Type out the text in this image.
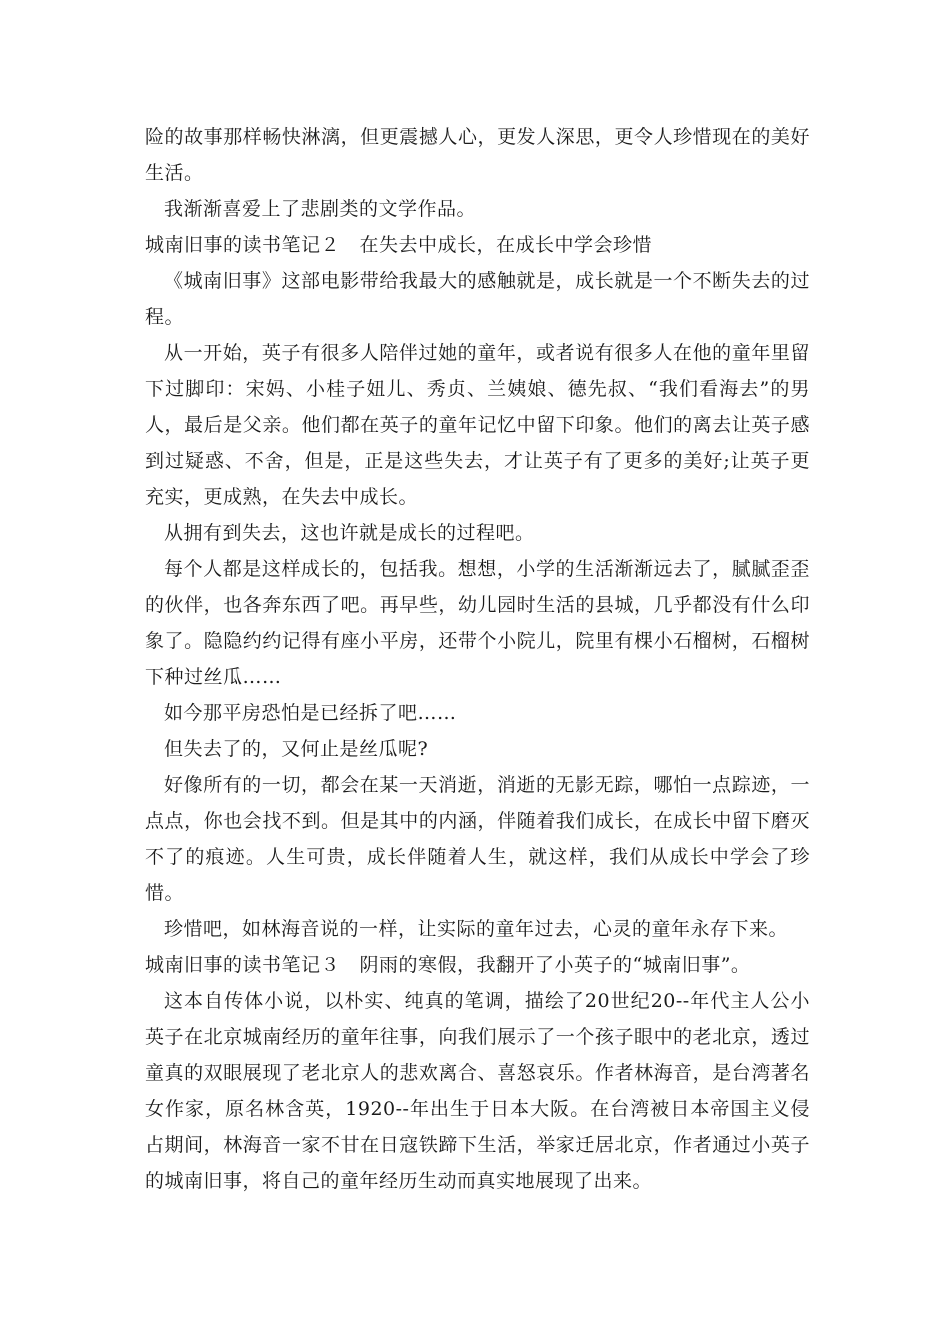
险的故事那样畅快淋漓，但更震撼人心，更发人深思，更令人珍惜现在的美好生活。

我渐渐喜爱上了悲剧类的文学作品。

城南旧事的读书笔记２　在失去中成长，在成长中学会珍惜

《城南旧事》这部电影带给我最大的感触就是，成长就是一个不断失去的过程。

从一开始，英子有很多人陪伴过她的童年，或者说有很多人在他的童年里留下过脚印：宋妈、小桂子妞儿、秀贞、兰姨娘、德先叔、“我们看海去”的男人，最后是父亲。他们都在英子的童年记忆中留下印象。他们的离去让英子感到过疑惑、不舍，但是，正是这些失去，才让英子有了更多的美好;让英子更充实，更成熟，在失去中成长。

从拥有到失去，这也许就是成长的过程吧。

每个人都是这样成长的，包括我。想想，小学的生活渐渐远去了，腻腻歪歪的伙伴，也各奔东西了吧。再早些，幼儿园时生活的县城，几乎都没有什么印象了。隐隐约约记得有座小平房，还带个小院儿，院里有棵小石榴树，石榴树下种过丝瓜……

如今那平房恐怕是已经拆了吧……

但失去了的，又何止是丝瓜呢?

好像所有的一切，都会在某一天消逝，消逝的无影无踪，哪怕一点踪迹，一点点，你也会找不到。但是其中的内涵，伴随着我们成长，在成长中留下磨灭不了的痕迹。人生可贵，成长伴随着人生，就这样，我们从成长中学会了珍惜。

珍惜吧，如林海音说的一样，让实际的童年过去，心灵的童年永存下来。

城南旧事的读书笔记３　阴雨的寒假，我翻开了小英子的“城南旧事”。

这本自传体小说，以朴实、纯真的笔调，描绘了20世纪20--年代主人公小英子在北京城南经历的童年往事，向我们展示了一个孩子眼中的老北京，透过童真的双眼展现了老北京人的悲欢离合、喜怒哀乐。作者林海音，是台湾著名女作家，原名林含英，1920--年出生于日本大阪。在台湾被日本帝国主义侵占期间，林海音一家不甘在日寇铁蹄下生活，举家迁居北京，作者通过小英子的城南旧事，将自己的童年经历生动而真实地展现了出来。
